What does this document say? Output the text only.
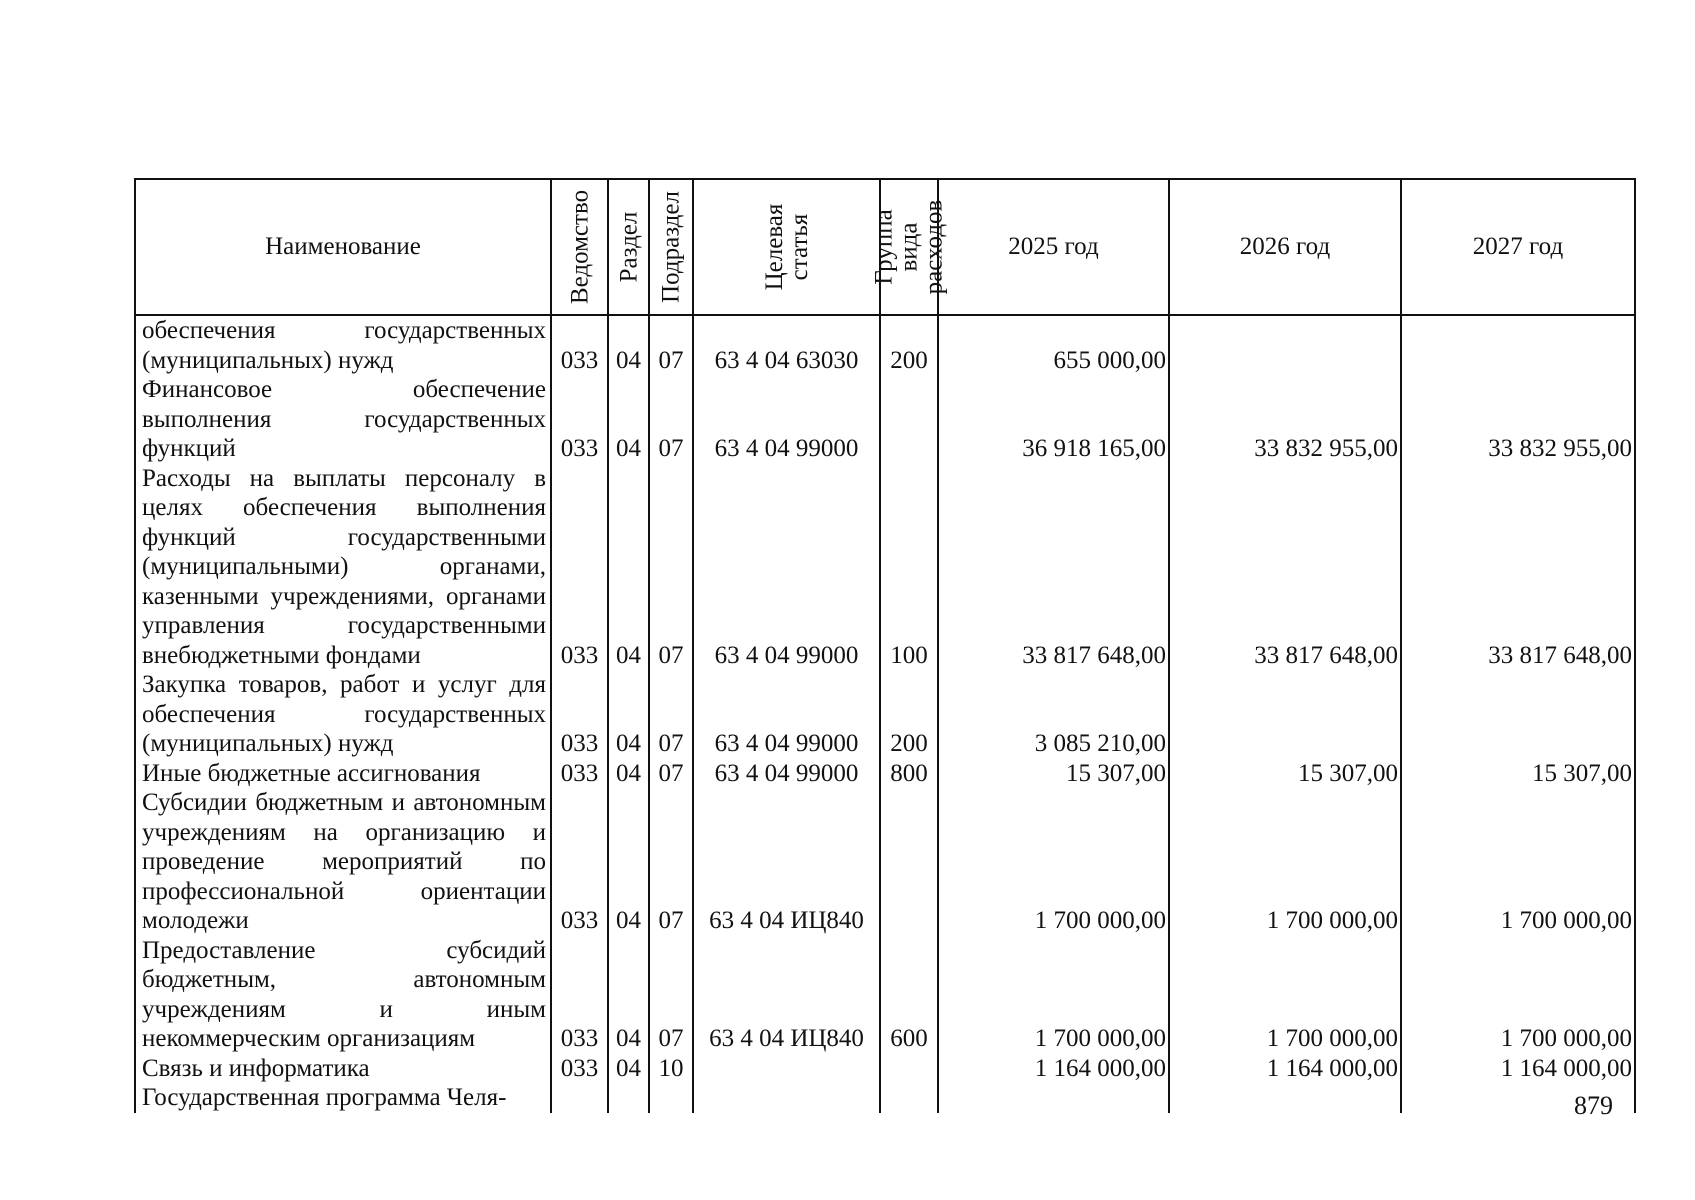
Наименование	Ведомство	Раздел	Подраздел	Целевая статья	Группа вида расходов	2025 год	2026 год	2027 год
обеспечения государственных (муниципальных) нужд	033	04	07	63 4 04 63030	200	655 000,00		
Финансовое обеспечение выполнения государственных функций	033	04	07	63 4 04 99000		36 918 165,00	33 832 955,00	33 832 955,00
Расходы на выплаты персоналу в целях обеспечения выполнения функций государственными (муниципальными) органами, казенными учреждениями, органами управления государственными внебюджетными фондами	033	04	07	63 4 04 99000	100	33 817 648,00	33 817 648,00	33 817 648,00
Закупка товаров, работ и услуг для обеспечения государственных (муниципальных) нужд	033	04	07	63 4 04 99000	200	3 085 210,00		
Иные бюджетные ассигнования	033	04	07	63 4 04 99000	800	15 307,00	15 307,00	15 307,00
Субсидии бюджетным и автономным учреждениям на организацию и проведение мероприятий по профессиональной ориентации молодежи	033	04	07	63 4 04 ИЦ840		1 700 000,00	1 700 000,00	1 700 000,00
Предоставление субсидий бюджетным, автономным учреждениям и иным некоммерческим организациям	033	04	07	63 4 04 ИЦ840	600	1 700 000,00	1 700 000,00	1 700 000,00
Связь и информатика	033	04	10			1 164 000,00	1 164 000,00	1 164 000,00
Государственная программа Челя-									879
